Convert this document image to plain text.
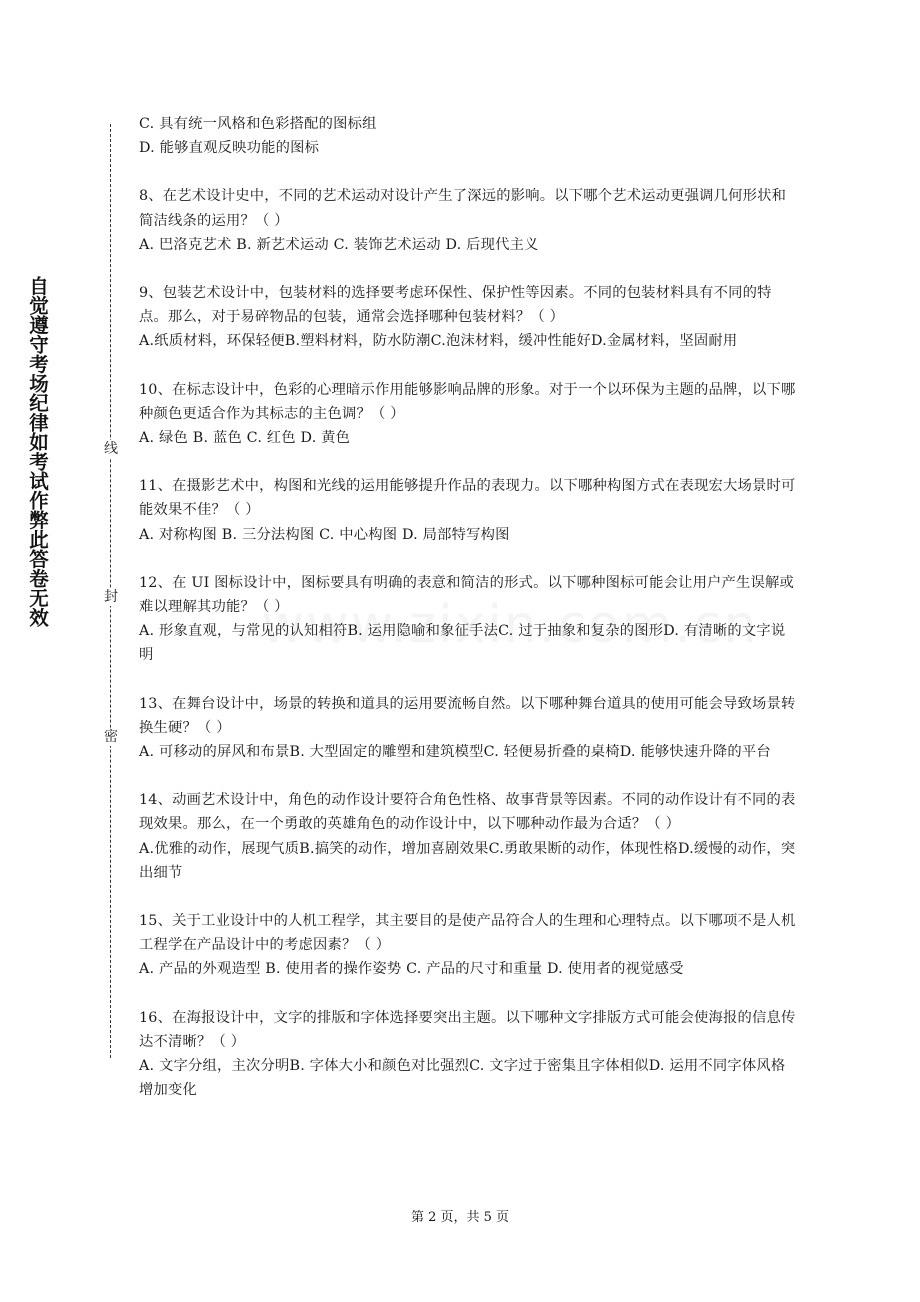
自觉遵守考场纪律如考试作弊此答卷无效	线
封
密

C. 具有统一风格和色彩搭配的图标组

D. 能够直观反映功能的图标

8、在艺术设计史中，不同的艺术运动对设计产生了深远的影响。以下哪个艺术运动更强调几何形状和简洁线条的运用？（ ）

A. 巴洛克艺术 B. 新艺术运动 C. 装饰艺术运动 D. 后现代主义

9、包装艺术设计中，包装材料的选择要考虑环保性、保护性等因素。不同的包装材料具有不同的特点。那么，对于易碎物品的包装，通常会选择哪种包装材料？（ ）

A.纸质材料，环保轻便B.塑料材料，防水防潮C.泡沫材料，缓冲性能好D.金属材料，坚固耐用

10、在标志设计中，色彩的心理暗示作用能够影响品牌的形象。对于一个以环保为主题的品牌，以下哪种颜色更适合作为其标志的主色调？（ ）

A. 绿色 B. 蓝色 C. 红色 D. 黄色

11、在摄影艺术中，构图和光线的运用能够提升作品的表现力。以下哪种构图方式在表现宏大场景时可能效果不佳？（ ）

A. 对称构图 B. 三分法构图 C. 中心构图 D. 局部特写构图

12、在 UI 图标设计中，图标要具有明确的表意和简洁的形式。以下哪种图标可能会让用户产生误解或难以理解其功能？（ ）

A. 形象直观，与常见的认知相符B. 运用隐喻和象征手法C. 过于抽象和复杂的图形D. 有清晰的文字说明

13、在舞台设计中，场景的转换和道具的运用要流畅自然。以下哪种舞台道具的使用可能会导致场景转换生硬？（ ）

A. 可移动的屏风和布景B. 大型固定的雕塑和建筑模型C. 轻便易折叠的桌椅D. 能够快速升降的平台

14、动画艺术设计中，角色的动作设计要符合角色性格、故事背景等因素。不同的动作设计有不同的表现效果。那么，在一个勇敢的英雄角色的动作设计中，以下哪种动作最为合适？（ ）

A.优雅的动作，展现气质B.搞笑的动作，增加喜剧效果C.勇敢果断的动作，体现性格D.缓慢的动作，突出细节

15、关于工业设计中的人机工程学，其主要目的是使产品符合人的生理和心理特点。以下哪项不是人机工程学在产品设计中的考虑因素？（ ）

A. 产品的外观造型 B. 使用者的操作姿势 C. 产品的尺寸和重量 D. 使用者的视觉感受

16、在海报设计中，文字的排版和字体选择要突出主题。以下哪种文字排版方式可能会使海报的信息传达不清晰？（ ）

A. 文字分组，主次分明B. 字体大小和颜色对比强烈C. 文字过于密集且字体相似D. 运用不同字体风格增加变化

第 2 页，共 5 页
